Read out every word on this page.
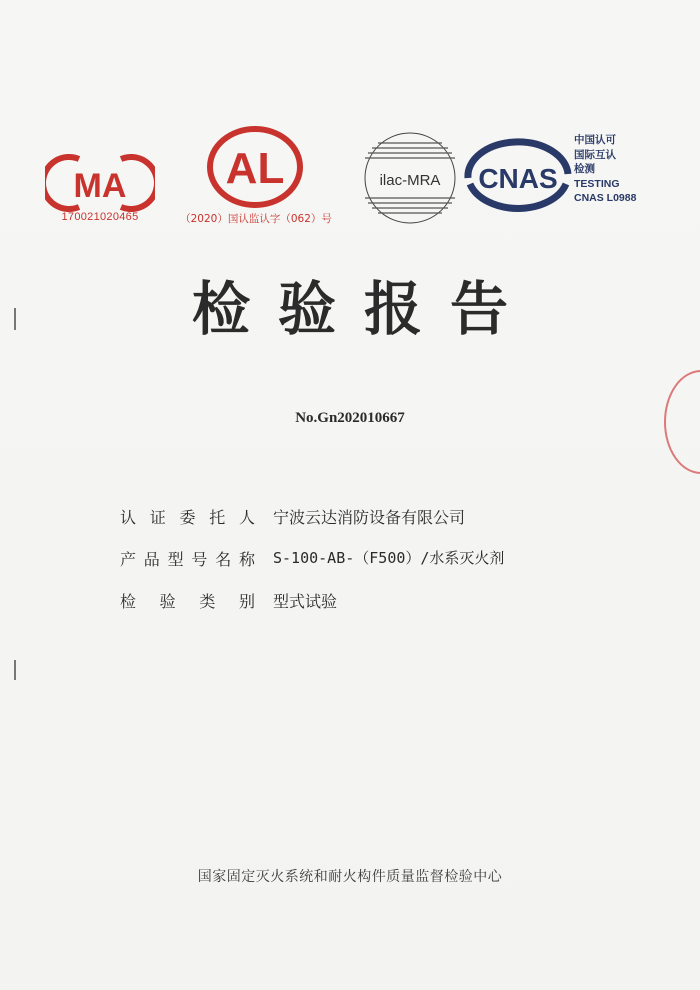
MA
170021020465
AL
（2020）国认监认字（062）号
ilac-MRA CNAS
中国认可
国际互认
检测
TESTING
CNAS L0988
检验报告
No.Gn202010667
认证委托人 宁波云达消防设备有限公司
产品型号名称 S-100-AB-（F500）/水系灭火剂
检验类别 型式试验
国家固定灭火系统和耐火构件质量监督检验中心
